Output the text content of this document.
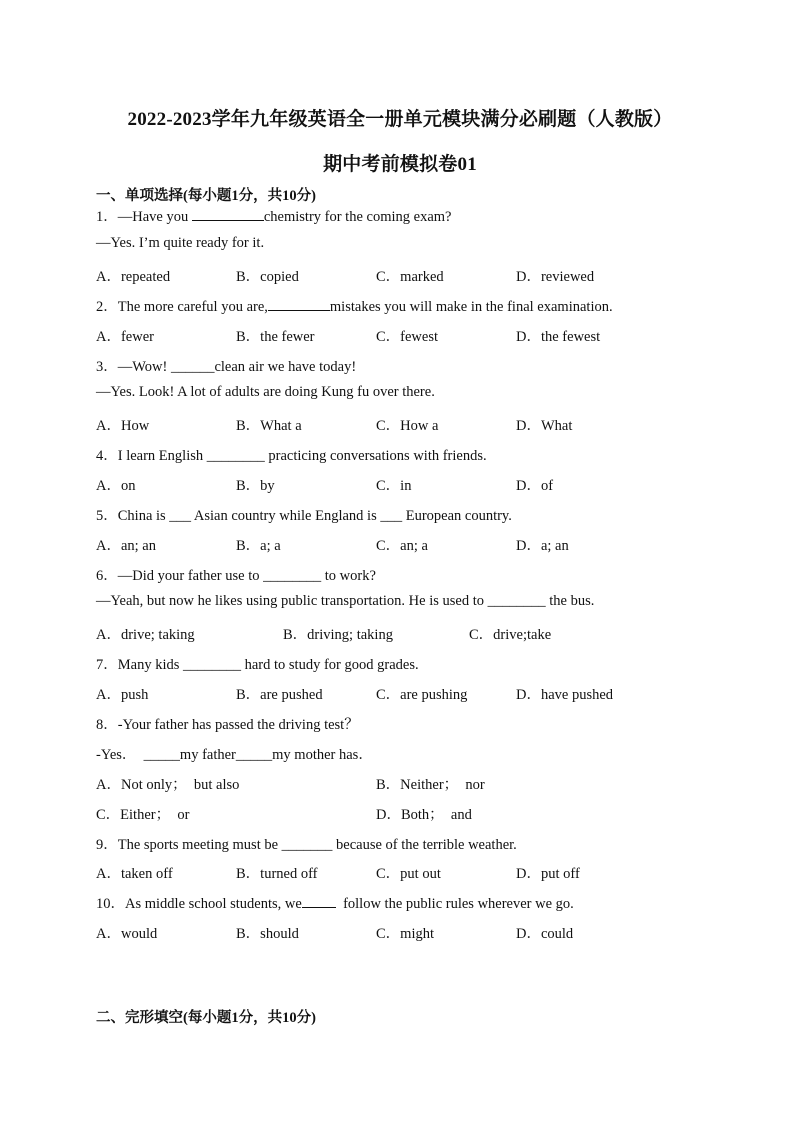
2022-2023学年九年级英语全一册单元模块满分必刷题（人教版）
期中考前模拟卷01
一、单项选择(每小题1分，共10分)
1．—Have you	chemistry for the coming exam?
—Yes. I’m quite ready for it.
A．repeated	B．copied	C．marked	D．reviewed
2．The more careful you are,	mistakes you will make in the final examination.
A．fewer	B．the fewer	C．fewest	D．the fewest
3．—Wow! ______clean air we have today!
—Yes. Look! A lot of adults are doing Kung fu over there.
A．How	B．What a	C．How a	D．What
4．I learn English ________ practicing conversations with friends.
A．on	B．by	C．in	D．of
5．China is ___ Asian country while England is ___ European country.
A．an; an	B．a; a	C．an; a	D．a; an
6．—Did your father use to ________ to work?
—Yeah, but now he likes using public transportation. He is used to ________ the bus.
A．drive; taking	B．driving; taking	C．drive;take
7．Many kids ________ hard to study for good grades.
A．push	B．are pushed	C．are pushing	D．have pushed
8．-Your father has passed the driving test？
-Yes．  _____my father_____my mother has．
A．Not only；  but also	B．Neither；  nor
C．Either；  or	D．Both；  and
9．The sports meeting must be _______ because of the terrible weather.
A．taken off	B．turned off	C．put out	D．put off
10．As middle school students, we  follow the public rules wherever we go.
A．would	B．should	C．might	D．could
二、完形填空(每小题1分，共10分)
